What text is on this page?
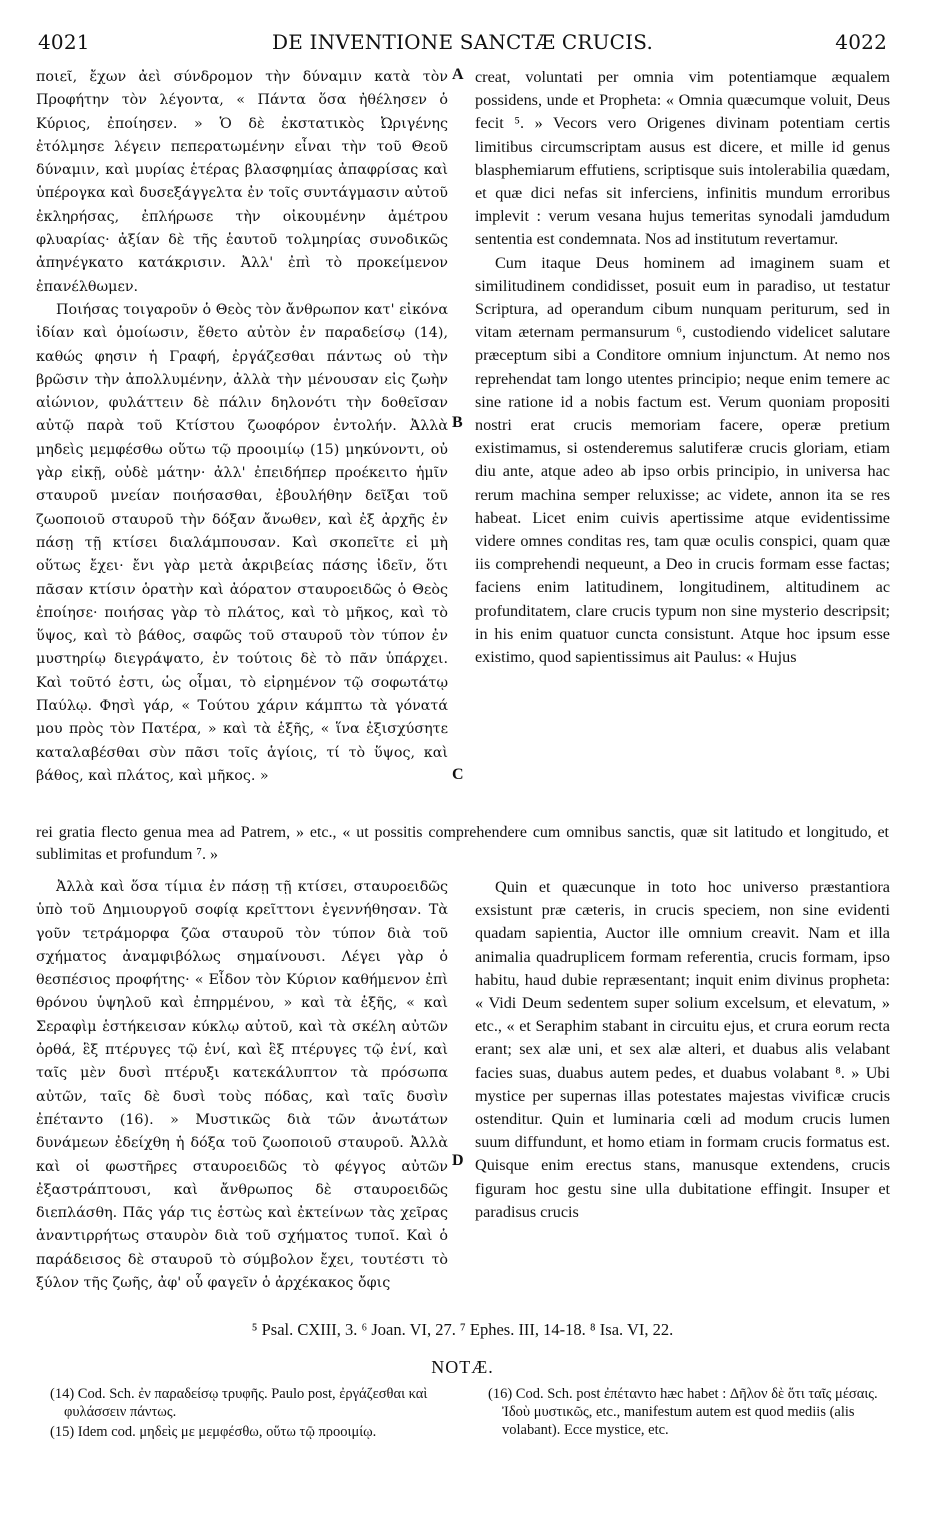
4021	DE INVENTIONE SANCTÆ CRUCIS.	4022

ποιεῖ, ἔχων ἀεὶ σύνδρομον τὴν δύναμιν κατὰ τὸν Προφήτην τὸν λέγοντα, « Πάντα ὅσα ἠθέλησεν ὁ Κύριος, ἐποίησεν. » Ὁ δὲ ἐκστατικὸς Ὠριγένης ἐτόλμησε λέγειν πεπερατωμένην εἶναι τὴν τοῦ Θεοῦ δύναμιν, καὶ μυρίας ἑτέρας βλασφημίας ἀπαφρίσας καὶ ὑπέρογκα καὶ δυσεξάγγελτα ἐν τοῖς συντάγμασιν αὐτοῦ ἐκληρήσας, ἐπλήρωσε τὴν οἰκουμένην ἀμέτρου φλυαρίας· ἀξίαν δὲ τῆς ἑαυτοῦ τολμηρίας συνοδικῶς ἀπηνέγκατο κατάκρισιν. Ἀλλ' ἐπὶ τὸ προκείμενον ἐπανέλθωμεν.

Ποιήσας τοιγαροῦν ὁ Θεὸς τὸν ἄνθρωπον κατ' εἰκόνα ἰδίαν καὶ ὁμοίωσιν, ἔθετο αὐτὸν ἐν παραδείσῳ (14), καθώς φησιν ἡ Γραφή, ἐργάζεσθαι πάντως οὐ τὴν βρῶσιν τὴν ἀπολλυμένην, ἀλλὰ τὴν μένουσαν εἰς ζωὴν αἰώνιον, φυλάττειν δὲ πάλιν δηλονότι τὴν δοθεῖσαν αὐτῷ παρὰ τοῦ Κτίστου ζωοφόρον ἐντολήν. Ἀλλὰ μηδεὶς μεμφέσθω οὕτω τῷ προοιμίῳ (15) μηκύνοντι, οὐ γὰρ εἰκῇ, οὐδὲ μάτην· ἀλλ' ἐπειδήπερ προέκειτο ἡμῖν σταυροῦ μνείαν ποιήσασθαι, ἐβουλήθην δεῖξαι τοῦ ζωοποιοῦ σταυροῦ τὴν δόξαν ἄνωθεν, καὶ ἐξ ἀρχῆς ἐν πάσῃ τῇ κτίσει διαλάμπουσαν. Καὶ σκοπεῖτε εἰ μὴ οὕτως ἔχει· ἔνι γὰρ μετὰ ἀκριβείας πάσης ἰδεῖν, ὅτι πᾶσαν κτίσιν ὁρατὴν καὶ ἀόρατον σταυροειδῶς ὁ Θεὸς ἐποίησε· ποιήσας γὰρ τὸ πλάτος, καὶ τὸ μῆκος, καὶ τὸ ὕψος, καὶ τὸ βάθος, σαφῶς τοῦ σταυροῦ τὸν τύπον ἐν μυστηρίῳ διεγράψατο, ἐν τούτοις δὲ τὸ πᾶν ὑπάρχει. Καὶ τοῦτό ἐστι, ὡς οἶμαι, τὸ εἰρημένον τῷ σοφωτάτῳ Παύλῳ. Φησὶ γάρ, « Τούτου χάριν κάμπτω τὰ γόνατά μου πρὸς τὸν Πατέρα, » καὶ τὰ ἑξῆς, « ἵνα ἐξισχύσητε καταλαβέσθαι σὺν πᾶσι τοῖς ἁγίοις, τί τὸ ὕψος, καὶ βάθος, καὶ πλάτος, καὶ μῆκος. »

creat, voluntati per omnia vim potentiamque æqualem possidens, unde et Propheta: « Omnia quæcumque voluit, Deus fecit ⁵. » Vecors vero Origenes divinam potentiam certis limitibus circumscriptam ausus est dicere, et mille id genus blasphemiarum effutiens, scriptisque suis intolerabilia quædam, et quæ dici nefas sit inferciens, infinitis mundum erroribus implevit : verum vesana hujus temeritas synodali jamdudum sententia est condemnata. Nos ad institutum revertamur.

Cum itaque Deus hominem ad imaginem suam et similitudinem condidisset, posuit eum in paradiso, ut testatur Scriptura, ad operandum cibum nunquam periturum, sed in vitam æternam permansurum ⁶, custodiendo videlicet salutare præceptum sibi a Conditore omnium injunctum. At nemo nos reprehendat tam longo utentes principio; neque enim temere ac sine ratione id a nobis factum est. Verum quoniam propositi nostri erat crucis memoriam facere, operæ pretium existimamus, si ostenderemus salutiferæ crucis gloriam, etiam diu ante, atque adeo ab ipso orbis principio, in universa hac rerum machina semper reluxisse; ac videte, annon ita se res habeat. Licet enim cuivis apertissime atque evidentissime videre omnes conditas res, tam quæ oculis conspici, quam quæ iis comprehendi nequeunt, a Deo in crucis formam esse factas; faciens enim latitudinem, longitudinem, altitudinem ac profunditatem, clare crucis typum non sine mysterio descripsit; in his enim quatuor cuncta consistunt. Atque hoc ipsum esse existimo, quod sapientissimus ait Paulus: « Hujus

A
B
C
D

rei gratia flecto genua mea ad Patrem, » etc., « ut possitis comprehendere cum omnibus sanctis, quæ sit latitudo et longitudo, et sublimitas et profundum ⁷. »

Ἀλλὰ καὶ ὅσα τίμια ἐν πάσῃ τῇ κτίσει, σταυροειδῶς ὑπὸ τοῦ Δημιουργοῦ σοφίᾳ κρεῖττονι ἐγεννήθησαν. Τὰ γοῦν τετράμορφα ζῶα σταυροῦ τὸν τύπον διὰ τοῦ σχήματος ἀναμφιβόλως σημαίνουσι. Λέγει γὰρ ὁ θεσπέσιος προφήτης· « Εἶδον τὸν Κύριον καθήμενον ἐπὶ θρόνου ὑψηλοῦ καὶ ἐπηρμένου, » καὶ τὰ ἑξῆς, « καὶ Σεραφὶμ ἑστήκεισαν κύκλῳ αὐτοῦ, καὶ τὰ σκέλη αὐτῶν ὀρθά, ἓξ πτέρυγες τῷ ἑνί, καὶ ἓξ πτέρυγες τῷ ἑνί, καὶ ταῖς μὲν δυσὶ πτέρυξι κατεκάλυπτον τὰ πρόσωπα αὐτῶν, ταῖς δὲ δυσὶ τοὺς πόδας, καὶ ταῖς δυσὶν ἐπέταντο (16). » Μυστικῶς διὰ τῶν ἀνωτάτων δυνάμεων ἐδείχθη ἡ δόξα τοῦ ζωοποιοῦ σταυροῦ. Ἀλλὰ καὶ οἱ φωστῆρες σταυροειδῶς τὸ φέγγος αὐτῶν ἐξαστράπτουσι, καὶ ἄνθρωπος δὲ σταυροειδῶς διεπλάσθη. Πᾶς γάρ τις ἑστὼς καὶ ἐκτείνων τὰς χεῖρας ἀναντιρρήτως σταυρὸν διὰ τοῦ σχήματος τυποῖ. Καὶ ὁ παράδεισος δὲ σταυροῦ τὸ σύμβολον ἔχει, τουτέστι τὸ ξύλον τῆς ζωῆς, ἀφ' οὗ φαγεῖν ὁ ἀρχέκακος ὄφις

Quin et quæcunque in toto hoc universo præstantiora exsistunt præ cæteris, in crucis speciem, non sine evidenti quadam sapientia, Auctor ille omnium creavit. Nam et illa animalia quadruplicem formam referentia, crucis formam, ipso habitu, haud dubie repræsentant; inquit enim divinus propheta: « Vidi Deum sedentem super solium excelsum, et elevatum, » etc., « et Seraphim stabant in circuitu ejus, et crura eorum recta erant; sex alæ uni, et sex alæ alteri, et duabus alis velabant facies suas, duabus autem pedes, et duabus volabant ⁸. » Ubi mystice per supernas illas potestates majestas vivificæ crucis ostenditur. Quin et luminaria cœli ad modum crucis lumen suum diffundunt, et homo etiam in formam crucis formatus est. Quisque enim erectus stans, manusque extendens, crucis figuram hoc gestu sine ulla dubitatione effingit. Insuper et paradisus crucis

⁵ Psal. CXIII, 3. ⁶ Joan. VI, 27. ⁷ Ephes. III, 14-18. ⁸ Isa. VI, 22.
NOTÆ.

(14) Cod. Sch. ἐν παραδείσῳ τρυφῆς. Paulo post, ἐργάζεσθαι καὶ φυλάσσειν πάντως.

(15) Idem cod. μηδεὶς με μεμφέσθω, οὕτω τῷ προοιμίῳ.

(16) Cod. Sch. post ἐπέταντο hæc habet : Δῆλον δὲ ὅτι ταῖς μέσαις. Ἰδοὺ μυστικῶς, etc., manifestum autem est quod mediis (alis volabant). Ecce mystice, etc.
